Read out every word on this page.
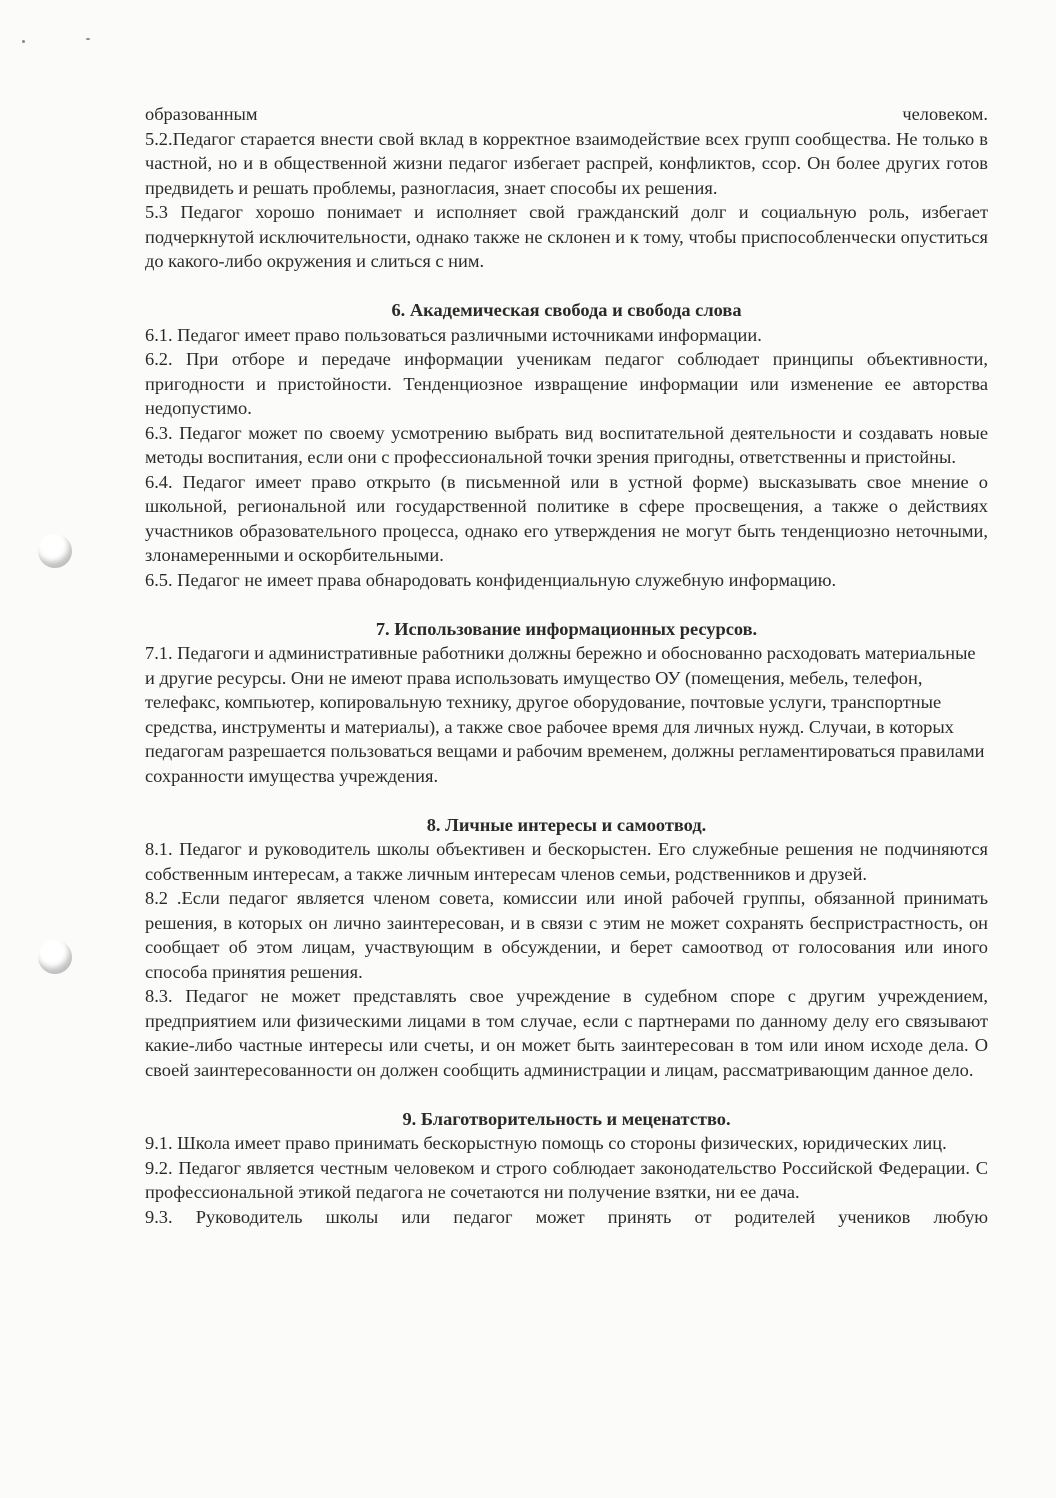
образованным человеком.

5.2.Педагог старается внести свой вклад в корректное взаимодействие всех групп сообщества. Не только в частной, но и в общественной жизни педагог избегает распрей, конфликтов, ссор. Он более других готов предвидеть и решать проблемы, разногласия, знает способы их решения.

5.3 Педагог хорошо понимает и исполняет свой гражданский долг и социальную роль, избегает подчеркнутой исключительности, однако также не склонен и к тому, чтобы приспособленчески опуститься до какого-либо окружения и слиться с ним.

6. Академическая свобода и свобода слова

6.1. Педагог имеет право пользоваться различными источниками информации.

6.2. При отборе и передаче информации ученикам педагог соблюдает принципы объективности, пригодности и пристойности. Тенденциозное извращение информации или изменение ее авторства недопустимо.

6.3. Педагог может по своему усмотрению выбрать вид воспитательной деятельности и создавать новые методы воспитания, если они с профессиональной точки зрения пригодны, ответственны и пристойны.

6.4. Педагог имеет право открыто (в письменной или в устной форме) высказывать свое мнение о школьной, региональной или государственной политике в сфере просвещения, а также о действиях участников образовательного процесса, однако его утверждения не могут быть тенденциозно неточными, злонамеренными и оскорбительными.

6.5. Педагог не имеет права обнародовать конфиденциальную служебную информацию.

7. Использование информационных ресурсов.

7.1. Педагоги и административные работники должны бережно и обоснованно расходовать материальные и другие ресурсы. Они не имеют права использовать имущество ОУ (помещения, мебель, телефон, телефакс, компьютер, копировальную технику, другое оборудование, почтовые услуги, транспортные средства, инструменты и материалы), а также свое рабочее время для личных нужд. Случаи, в которых педагогам разрешается пользоваться вещами и рабочим временем, должны регламентироваться правилами сохранности имущества учреждения.

8. Личные интересы и самоотвод.

8.1. Педагог и руководитель школы объективен и бескорыстен. Его служебные решения не подчиняются собственным интересам, а также личным интересам членов семьи, родственников и друзей.

8.2 .Если педагог является членом совета, комиссии или иной рабочей группы, обязанной принимать решения, в которых он лично заинтересован, и в связи с этим не может сохранять беспристрастность, он сообщает об этом лицам, участвующим в обсуждении, и берет самоотвод от голосования или иного способа принятия решения.

8.3. Педагог не может представлять свое учреждение в судебном споре с другим учреждением, предприятием или физическими лицами в том случае, если с партнерами по данному делу его связывают какие-либо частные интересы или счеты, и он может быть заинтересован в том или ином исходе дела. О своей заинтересованности он должен сообщить администрации и лицам, рассматривающим данное дело.

9. Благотворительность и меценатство.

9.1. Школа имеет право принимать бескорыстную помощь со стороны физических, юридических лиц.

9.2. Педагог является честным человеком и строго соблюдает законодательство Российской Федерации. С профессиональной этикой педагога не сочетаются ни получение взятки, ни ее дача.

9.3. Руководитель школы или педагог может принять от родителей учеников любую
